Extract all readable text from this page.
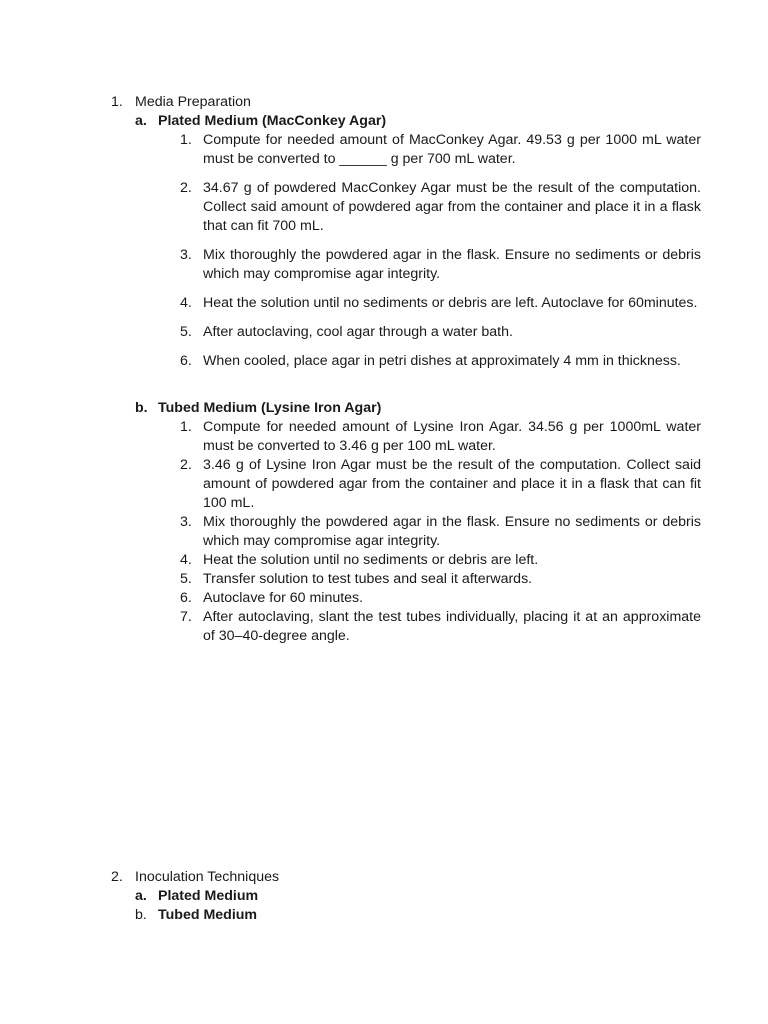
1. Media Preparation
a. Plated Medium (MacConkey Agar)
1. Compute for needed amount of MacConkey Agar. 49.53 g per 1000 mL water must be converted to ______ g per 700 mL water.
2. 34.67 g of powdered MacConkey Agar must be the result of the computation. Collect said amount of powdered agar from the container and place it in a flask that can fit 700 mL.
3. Mix thoroughly the powdered agar in the flask. Ensure no sediments or debris which may compromise agar integrity.
4. Heat the solution until no sediments or debris are left. Autoclave for 60minutes.
5. After autoclaving, cool agar through a water bath.
6. When cooled, place agar in petri dishes at approximately 4 mm in thickness.
b. Tubed Medium (Lysine Iron Agar)
1. Compute for needed amount of Lysine Iron Agar. 34.56 g per 1000mL water must be converted to 3.46 g per 100 mL water.
2. 3.46 g of Lysine Iron Agar must be the result of the computation. Collect said amount of powdered agar from the container and place it in a flask that can fit 100 mL.
3. Mix thoroughly the powdered agar in the flask. Ensure no sediments or debris which may compromise agar integrity.
4. Heat the solution until no sediments or debris are left.
5. Transfer solution to test tubes and seal it afterwards.
6. Autoclave for 60 minutes.
7. After autoclaving, slant the test tubes individually, placing it at an approximate of 30–40-degree angle.
2. Inoculation Techniques
a. Plated Medium
b. Tubed Medium
